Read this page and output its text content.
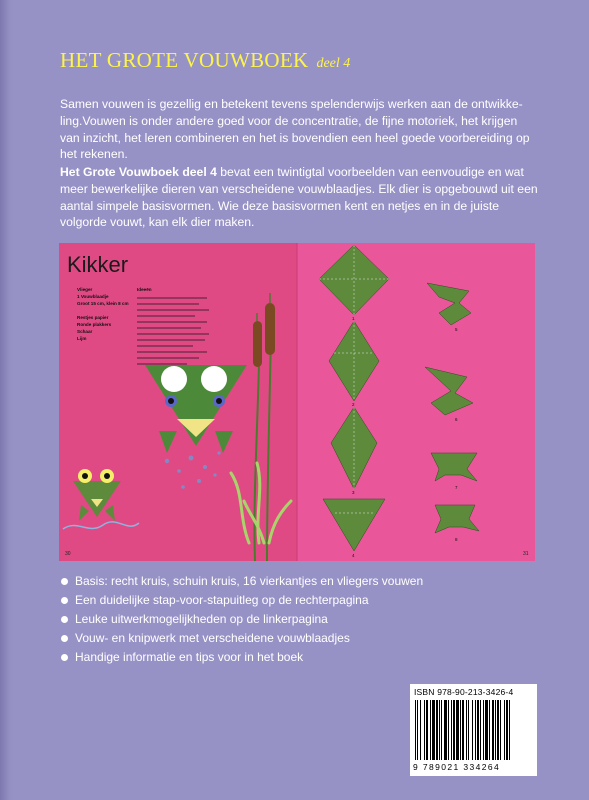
HET GROTE VOUWBOEK deel 4

Samen vouwen is gezellig en betekent tevens spelenderwijs werken aan de ontwikkeling.Vouwen is onder andere goed voor de concentratie, de fijne motoriek, het krijgen van inzicht, het leren combineren en het is bovendien een heel goede voorbereiding op het rekenen.

Het Grote Vouwboek deel 4 bevat een twintigtal voorbeelden van eenvoudige en wat meer bewerkelijke dieren van verscheidene vouwblaadjes. Elk dier is opgebouwd uit een aantal simpele basisvormen. Wie deze basisvormen kent en netjes en in de juiste volgorde vouwt, kan elk dier maken.

Kikker
Vlieger
1 Vouwblaadje
Groot 15 cm, klein 8 cm
Restjes papier
Ronde plakkers
Schaar
Lijm
Ideeën
30	31
1
2
3
4
5
6
7
8
Basis: recht kruis, schuin kruis, 16 vierkantjes en vliegers vouwen
Een duidelijke stap-voor-stapuitleg op de rechterpagina
Leuke uitwerkmogelijkheden op de linkerpagina
Vouw- en knipwerk met verscheidene vouwblaadjes
Handige informatie en tips voor in het boek
ISBN 978-90-213-3426-4
9 789021 334264
